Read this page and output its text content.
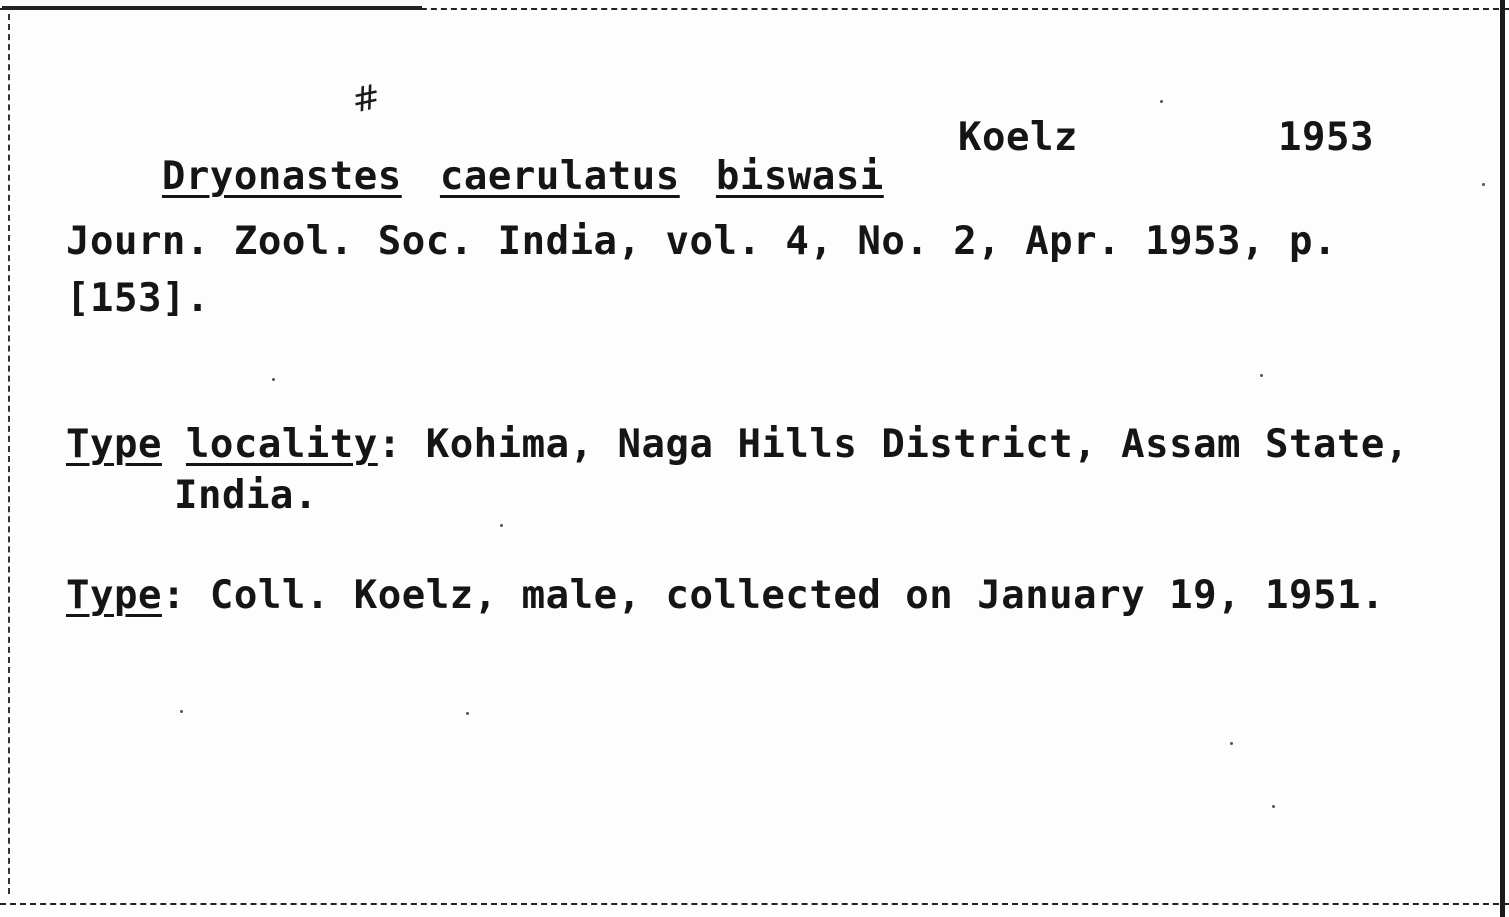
#

Dryonastes
caerulatus
biswasi

Koelz	1953
Journ. Zool. Soc. India, vol. 4, No. 2, Apr. 1953, p.
[153].
Type locality: Kohima, Naga Hills District, Assam State,
India.
Type: Coll. Koelz, male, collected on January 19, 1951.
